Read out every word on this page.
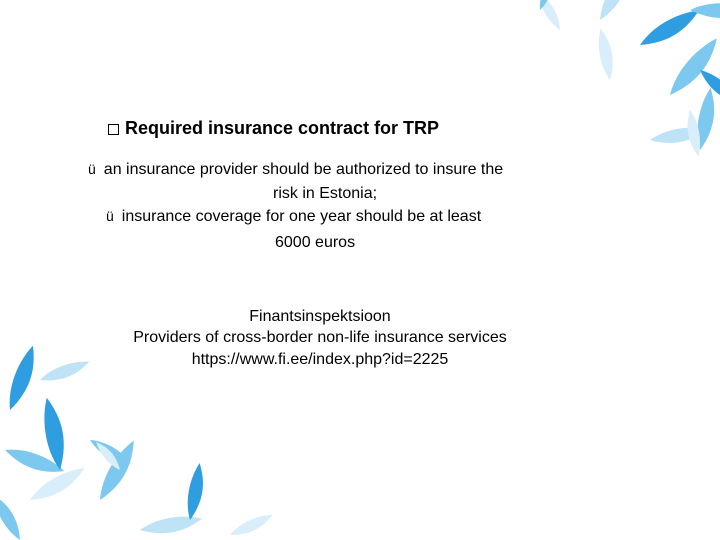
Required insurance contract for TRP
ü an insurance provider should be authorized to insure the
risk in Estonia;
ü insurance coverage for one year should be at least
6000 euros
Finantsinspektsioon
Providers of cross-border non-life insurance services
https://www.fi.ee/index.php?id=2225
